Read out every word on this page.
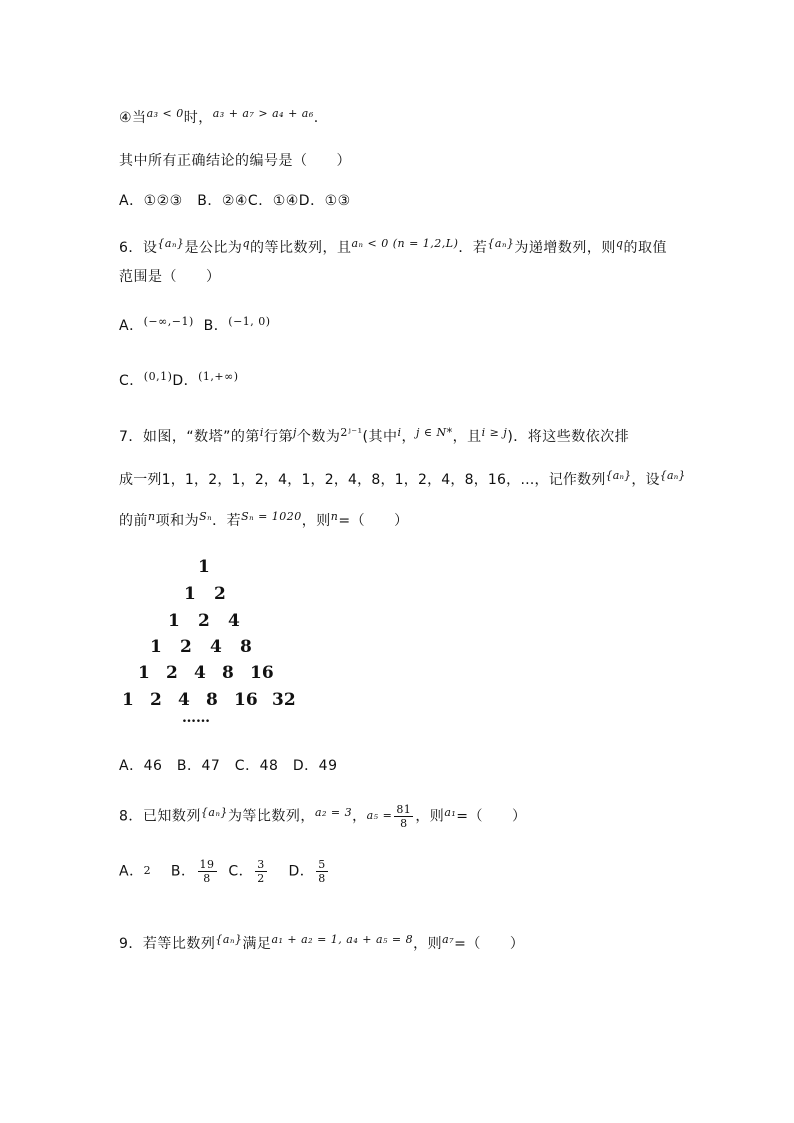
④当$^{a_3 < 0}$时，$^{a_3 + a_7 > a_4 + a_6}$.
其中所有正确结论的编号是（　　）
A．①②③　B．②④C．①④D．①③
6．设$^{\{a_n\}}$是公比为$^q$的等比数列，且$^{a_n < 0 (n = 1,2,L)}$．若$^{\{a_n\}}$为递增数列，则$^q$的取值
范围是（　　）
A．$^{(-\infty,-1)}$ B．$^{(-1, 0)}$
C．$^{(0,1)}$D．$^{(1,+\infty)}$
7．如图，“数塔”的第$^i$行第$^j$个数为$^{2ʲ^{-1}}$(其中$^i$，$^{j \in N*}$，且$^{i \ge j}$)．将这些数依次排
成一列1，1，2，1，2，4，1，2，4，8，1，2，4，8，16，…，记作数列$^{\{a_n\}}$，设$^{\{a_n\}}$
的前$^n$项和为$^{S_n}$．若$^{S_n = 1020}$，则$^n$=（　　）
1
1 2
1 2 4
1 2 4 8
1 2 4 8 16
1 2 4 8 16 32
……
A．46　B．47　C．48　D．49
8．已知数列$^{\{a_n\}}$为等比数列，$^{a_2 = 3}$，$a_5 = \frac{81}{8}$ ，则$^{a_1}$=（　　）
A．2 B． $\frac{19}{8}$ C． $\frac{3}{2}$ D． $\frac{5}{8}$
9．若等比数列$^{\{a_n\}}$满足$^{a_1 + a_2 = 1, a_4 + a_5 = 8}$，则$^{a_7}$=（　　）
